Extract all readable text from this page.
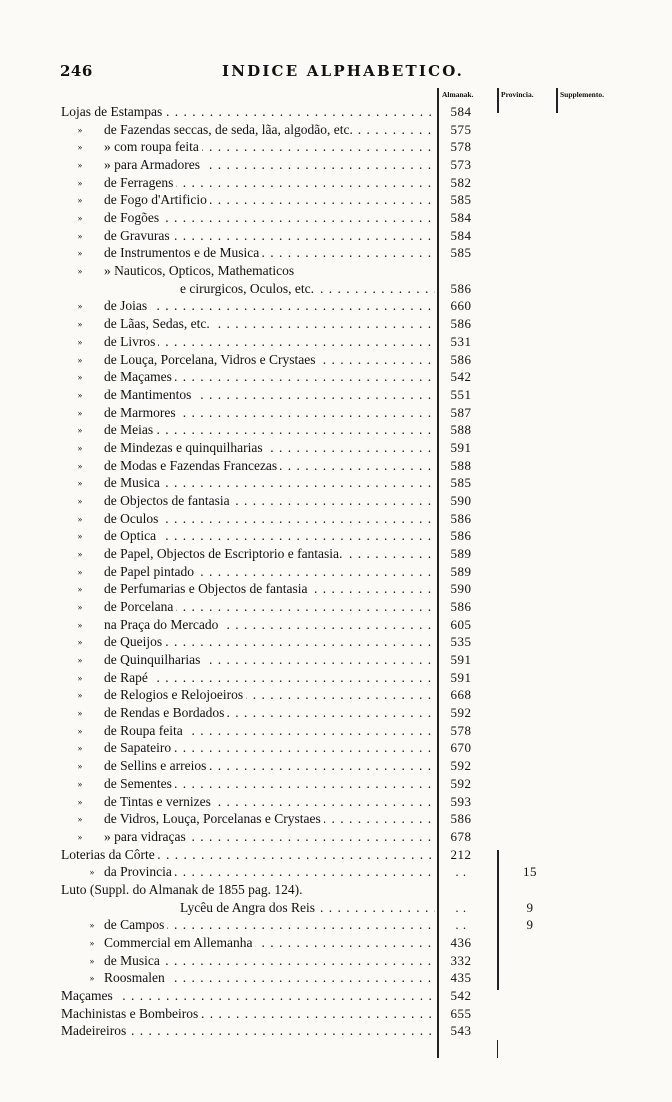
246	INDICE ALPHABETICO.
Almanak.	Provincia.	Supplemento.
Lojas de Estampas . . .	584
»	de Fazendas seccas, de seda, lãa, algodão, etc. . . .	575
»	» com roupa feita . . .	578
»	» para Armadores . . .	573
»	de Ferragens . . .	582
»	de Fogo d'Artificio . . .	585
»	de Fogões . . .	584
»	de Gravuras . . .	584
»	de Instrumentos e de Musica . . .	585
»	» Nauticos, Opticos, Mathematicos
e cirurgicos, Oculos, etc. . . .	586
»	de Joias . . .	660
»	de Lãas, Sedas, etc. . . .	586
»	de Livros . . .	531
»	de Louça, Porcelana, Vidros e Crystaes . . .	586
»	de Maçames . . .	542
»	de Mantimentos . . .	551
»	de Marmores . . .	587
»	de Meias . . .	588
»	de Mindezas e quinquilharias . . .	591
»	de Modas e Fazendas Francezas . . .	588
»	de Musica . . .	585
»	de Objectos de fantasia . . .	590
»	de Oculos . . .	586
»	de Optica . . .	586
»	de Papel, Objectos de Escriptorio e fantasia. . . .	589
»	de Papel pintado . . .	589
»	de Perfumarias e Objectos de fantasia . . .	590
»	de Porcelana . . .	586
»	na Praça do Mercado . . .	605
»	de Queijos . . .	535
»	de Quinquilharias . . .	591
»	de Rapé . . .	591
»	de Relogios e Relojoeiros . . .	668
»	de Rendas e Bordados . . .	592
»	de Roupa feita . . .	578
»	de Sapateiro . . .	670
»	de Sellins e arreios . . .	592
»	de Sementes . . .	592
»	de Tintas e vernizes . . .	593
»	de Vidros, Louça, Porcelanas e Crystaes . . .	586
»	» para vidraças . . .	678
Loterias da Côrte . . .	212
» da Provincia . . .	. .	15
Luto (Suppl. do Almanak de 1855 pag. 124).
Lycêu de Angra dos Reis . . .	. .	9
» de Campos . . .	. .	9
» Commercial em Allemanha . . .	436
» de Musica . . .	332
» Roosmalen . . .	435
Maçames . . .	542
Machinistas e Bombeiros . . .	655
Madeireiros . . .	543
